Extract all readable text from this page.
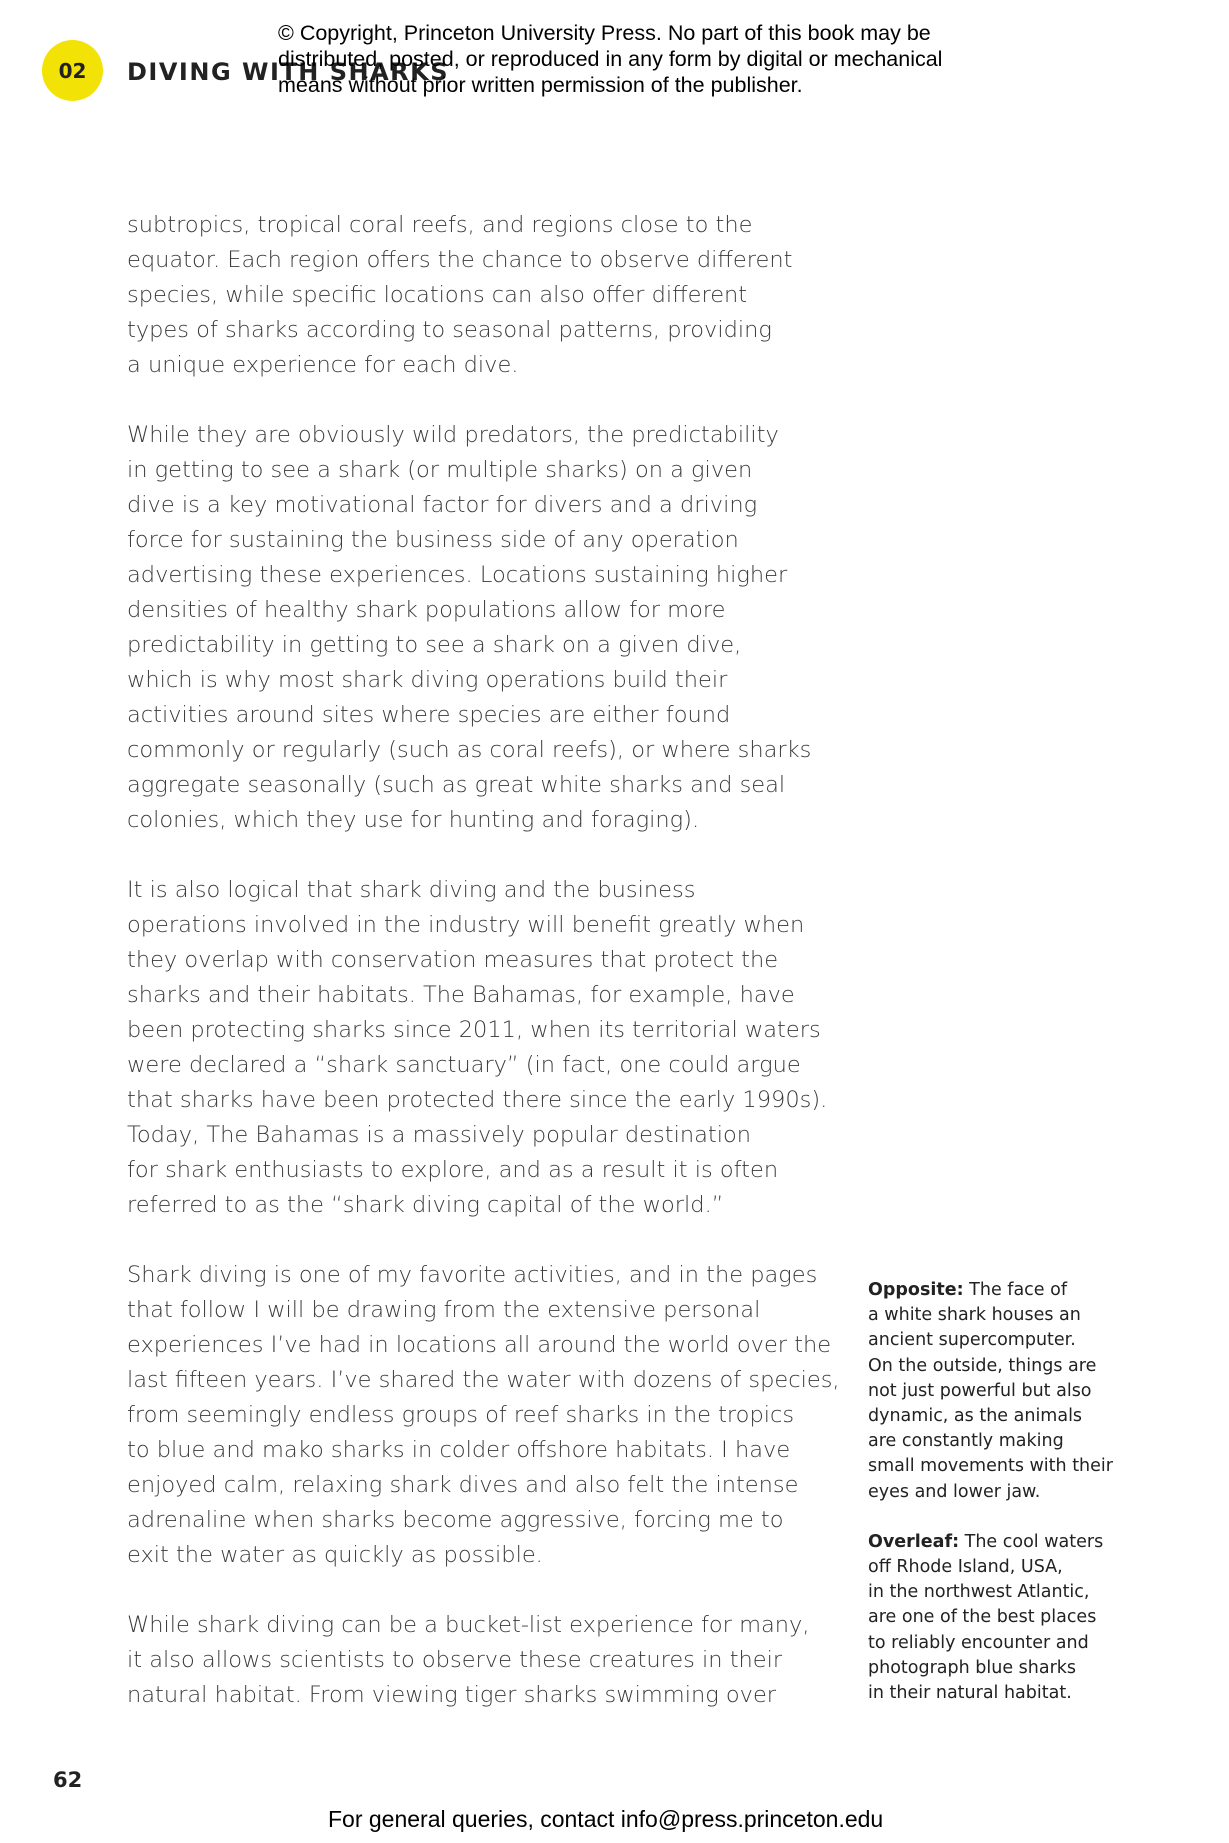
02 DIVING WITH SHARKS
© Copyright, Princeton University Press. No part of this book may be
distributed, posted, or reproduced in any form by digital or mechanical
means without prior written permission of the publisher.

subtropics, tropical coral reefs, and regions close to the
equator. Each region offers the chance to observe different
species, while specific locations can also offer different
types of sharks according to seasonal patterns, providing
a unique experience for each dive.

While they are obviously wild predators, the predictability
in getting to see a shark (or multiple sharks) on a given
dive is a key motivational factor for divers and a driving
force for sustaining the business side of any operation
advertising these experiences. Locations sustaining higher
densities of healthy shark populations allow for more
predictability in getting to see a shark on a given dive,
which is why most shark diving operations build their
activities around sites where species are either found
commonly or regularly (such as coral reefs), or where sharks
aggregate seasonally (such as great white sharks and seal
colonies, which they use for hunting and foraging).

It is also logical that shark diving and the business
operations involved in the industry will benefit greatly when
they overlap with conservation measures that protect the
sharks and their habitats. The Bahamas, for example, have
been protecting sharks since 2011, when its territorial waters
were declared a “shark sanctuary” (in fact, one could argue
that sharks have been protected there since the early 1990s).
Today, The Bahamas is a massively popular destination
for shark enthusiasts to explore, and as a result it is often
referred to as the “shark diving capital of the world.”

Shark diving is one of my favorite activities, and in the pages
that follow I will be drawing from the extensive personal
experiences I’ve had in locations all around the world over the
last fifteen years. I’ve shared the water with dozens of species,
from seemingly endless groups of reef sharks in the tropics
to blue and mako sharks in colder offshore habitats. I have
enjoyed calm, relaxing shark dives and also felt the intense
adrenaline when sharks become aggressive, forcing me to
exit the water as quickly as possible.

While shark diving can be a bucket-list experience for many,
it also allows scientists to observe these creatures in their
natural habitat. From viewing tiger sharks swimming over

Opposite: The face of
a white shark houses an
ancient supercomputer.
On the outside, things are
not just powerful but also
dynamic, as the animals
are constantly making
small movements with their
eyes and lower jaw.

Overleaf: The cool waters
off Rhode Island, USA,
in the northwest Atlantic,
are one of the best places
to reliably encounter and
photograph blue sharks
in their natural habitat.

62
For general queries, contact info@press.princeton.edu
